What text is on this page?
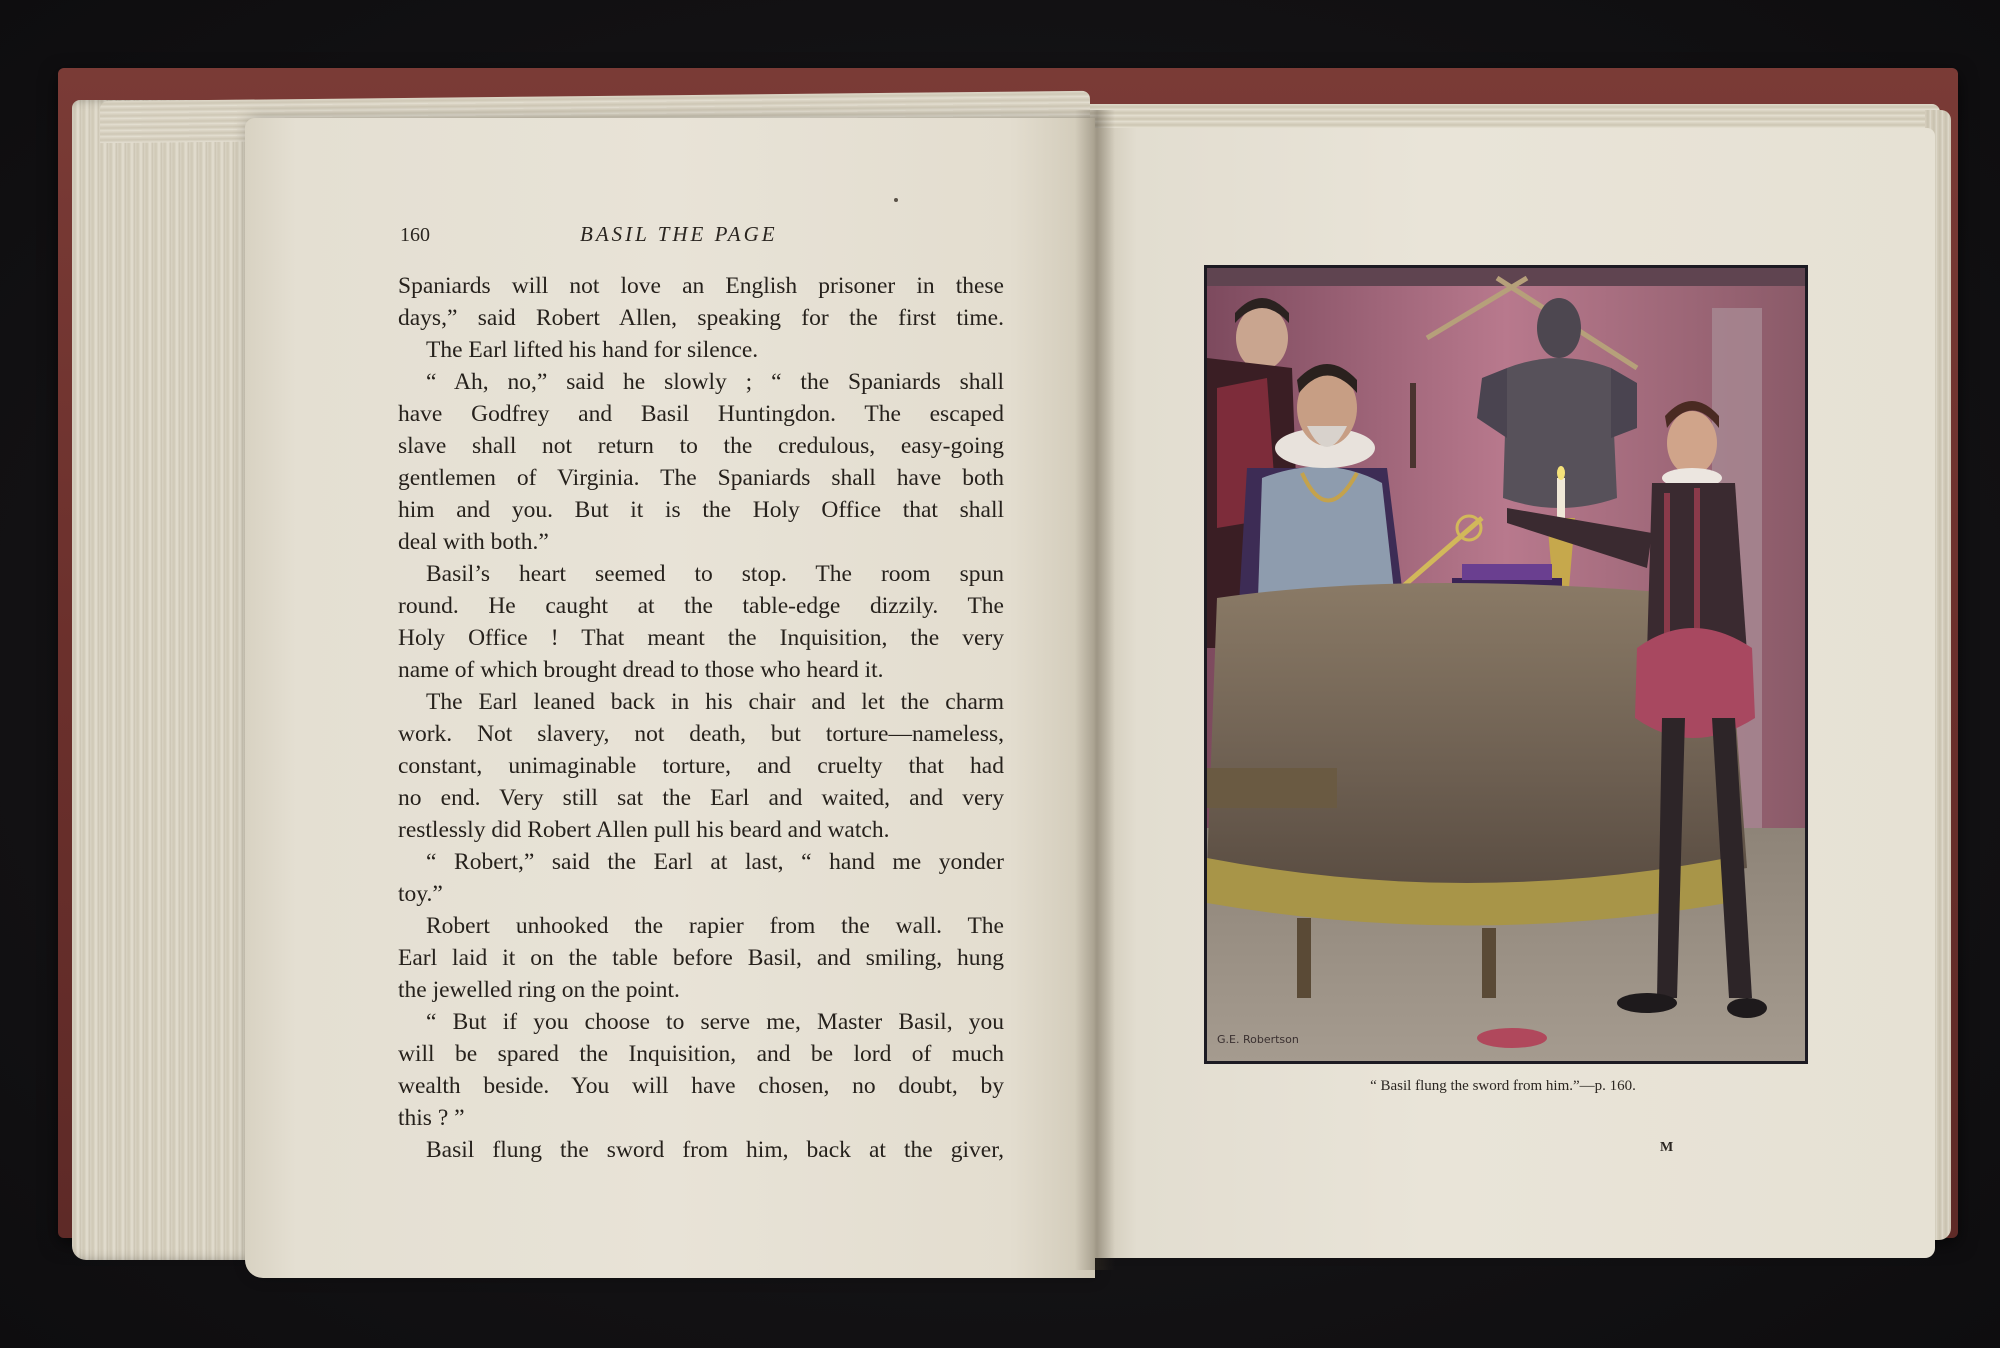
160	BASIL THE PAGE
Spaniards will not love an English prisoner in these
days,” said Robert Allen, speaking for the first time.
The Earl lifted his hand for silence.
“ Ah, no,” said he slowly ; “ the Spaniards shall
have Godfrey and Basil Huntingdon. The escaped
slave shall not return to the credulous, easy-going
gentlemen of Virginia. The Spaniards shall have both
him and you. But it is the Holy Office that shall
deal with both.”
Basil’s heart seemed to stop. The room spun
round. He caught at the table-edge dizzily. The
Holy Office ! That meant the Inquisition, the very
name of which brought dread to those who heard it.
The Earl leaned back in his chair and let the charm
work. Not slavery, not death, but torture—nameless,
constant, unimaginable torture, and cruelty that had
no end. Very still sat the Earl and waited, and very
restlessly did Robert Allen pull his beard and watch.
“ Robert,” said the Earl at last, “ hand me yonder
toy.”
Robert unhooked the rapier from the wall. The
Earl laid it on the table before Basil, and smiling, hung
the jewelled ring on the point.
“ But if you choose to serve me, Master Basil, you
will be spared the Inquisition, and be lord of much
wealth beside. You will have chosen, no doubt, by
this ? ”
Basil flung the sword from him, back at the giver,
G.E. Robertson
“ Basil flung the sword from him.”—p. 160.
M
